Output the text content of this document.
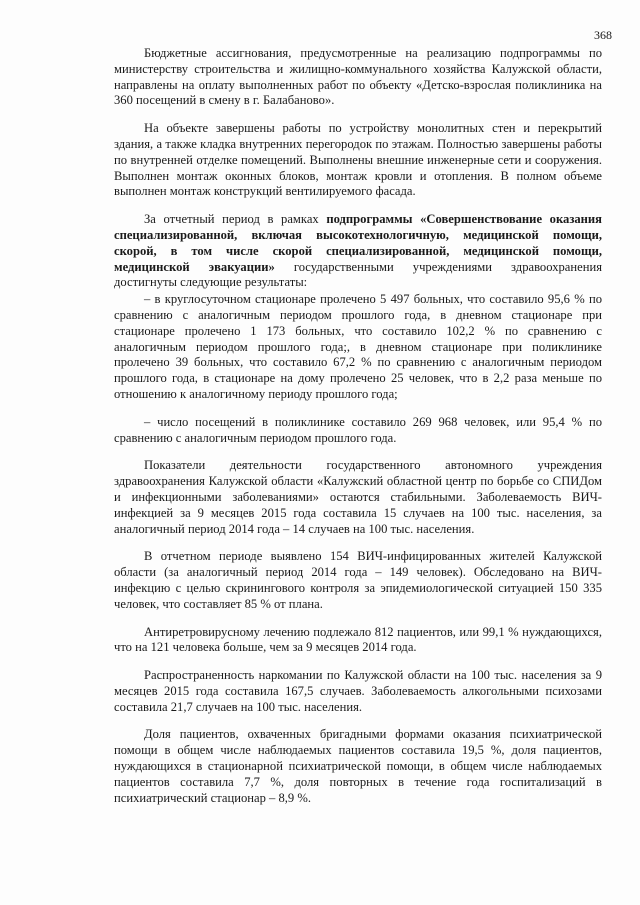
368

Бюджетные ассигнования, предусмотренные на реализацию подпрограммы по министерству строительства и жилищно-коммунального хозяйства Калужской области, направлены на оплату выполненных работ по объекту «Детско-взрослая поликлиника на 360 посещений в смену в г. Балабаново».

На объекте завершены работы по устройству монолитных стен и перекрытий здания, а также кладка внутренних перегородок по этажам. Полностью завершены работы по внутренней отделке помещений. Выполнены внешние инженерные сети и сооружения. Выполнен монтаж оконных блоков, монтаж кровли и отопления. В полном объеме выполнен монтаж конструкций вентилируемого фасада.

За отчетный период в рамках подпрограммы «Совершенствование оказания специализированной, включая высокотехнологичную, медицинской помощи, скорой, в том числе скорой специализированной, медицинской помощи, медицинской эвакуации» государственными учреждениями здравоохранения достигнуты следующие результаты:

– в круглосуточном стационаре пролечено 5 497 больных, что составило 95,6 % по сравнению с аналогичным периодом прошлого года, в дневном стационаре при стационаре пролечено 1 173 больных, что составило 102,2 % по сравнению с аналогичным периодом прошлого года;, в дневном стационаре при поликлинике пролечено 39 больных, что составило 67,2 % по сравнению с аналогичным периодом прошлого года, в стационаре на дому пролечено 25 человек, что в 2,2 раза меньше по отношению к аналогичному периоду прошлого года;

– число посещений в поликлинике составило 269 968 человек, или 95,4 % по сравнению с аналогичным периодом прошлого года.

Показатели деятельности государственного автономного учреждения здравоохранения Калужской области «Калужский областной центр по борьбе со СПИДом и инфекционными заболеваниями» остаются стабильными. Заболеваемость ВИЧ-инфекцией за 9 месяцев 2015 года составила 15 случаев на 100 тыс. населения, за аналогичный период 2014 года – 14 случаев на 100 тыс. населения.

В отчетном периоде выявлено 154 ВИЧ-инфицированных жителей Калужской области (за аналогичный период 2014 года – 149 человек). Обследовано на ВИЧ-инфекцию с целью скринингового контроля за эпидемиологической ситуацией 150 335 человек, что составляет 85 % от плана.

Антиретровирусному лечению подлежало 812 пациентов, или 99,1 % нуждающихся, что на 121 человека больше, чем за 9 месяцев 2014 года.

Распространенность наркомании по Калужской области на 100 тыс. населения за 9 месяцев 2015 года составила 167,5 случаев. Заболеваемость алкогольными психозами составила 21,7 случаев на 100 тыс. населения.

Доля пациентов, охваченных бригадными формами оказания психиатрической помощи в общем числе наблюдаемых пациентов составила 19,5 %, доля пациентов, нуждающихся в стационарной психиатрической помощи, в общем числе наблюдаемых пациентов составила 7,7 %, доля повторных в течение года госпитализаций в психиатрический стационар – 8,9 %.
